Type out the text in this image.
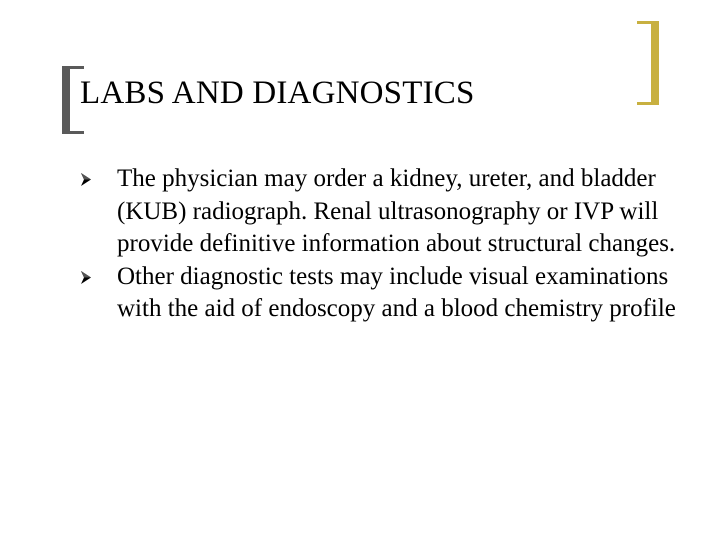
LABS AND DIAGNOSTICS
The physician may order a kidney, ureter, and bladder (KUB) radiograph. Renal ultrasonography or IVP will provide definitive information about structural changes.
Other diagnostic tests may include visual examinations with the aid of endoscopy and a blood chemistry profile
